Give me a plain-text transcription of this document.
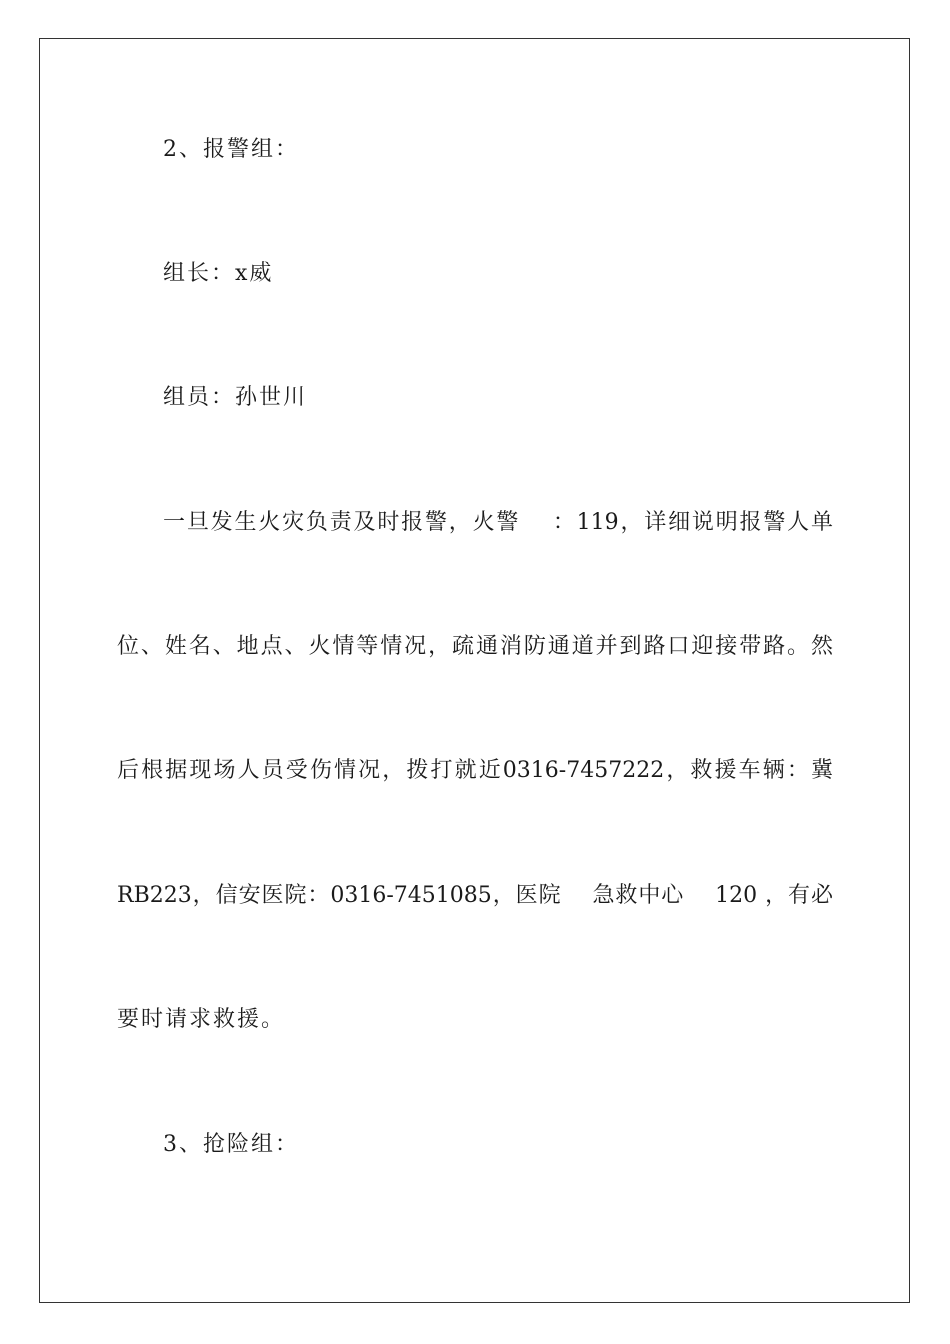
2、报警组：
组长：x威
组员：孙世川
一旦发生火灾负责及时报警，火警　 ：119，详细说明报警人单
位、姓名、地点、火情等情况，疏通消防通道并到路口迎接带路。然
后根据现场人员受伤情况，拨打就近0316-7457222，救援车辆：冀
RB223，信安医院：0316-7451085，医院　 急救中心　 120 ，有必
要时请求救援。
3、抢险组：
